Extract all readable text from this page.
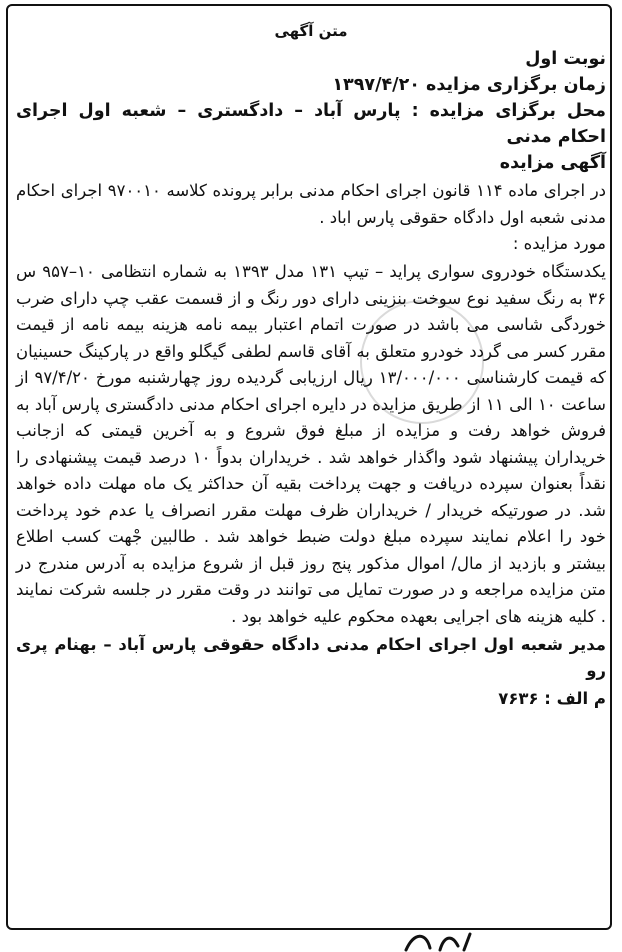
متن آگهی

نوبت اول

زمان برگزاری مزایده ۱۳۹۷/۴/۲۰

محل برگزای مزایده : پارس آباد – دادگستری – شعبه اول اجرای احکام مدنی

آگهی مزایده

در اجرای ماده ۱۱۴ قانون اجرای احکام مدنی برابر پرونده کلاسه ۹۷۰۰۱۰ اجرای احکام مدنی شعبه اول دادگاه حقوقی پارس اباد .

مورد مزایده :

یکدستگاه خودروی سواری پراید – تیپ ۱۳۱ مدل ۱۳۹۳ به شماره انتظامی ۱۰–۹۵۷ س ۳۶ به رنگ سفید نوع سوخت بنزینی دارای دور رنگ و از قسمت عقب چپ دارای ضرب خوردگی شاسی می باشد در صورت اتمام اعتبار بیمه نامه هزینه بیمه نامه از قیمت مقرر کسر می گردد خودرو متعلق به آقای قاسم لطفی گیگلو واقع در پارکینگ حسینیان که قیمت کارشناسی ۱۳/۰۰۰/۰۰۰ ریال ارزیابی گردیده روز چهارشنبه مورخ ۹۷/۴/۲۰ از ساعت ۱۰ الی ۱۱ از طریق مزایده در دایره اجرای احکام مدنی دادگستری پارس آباد به فروش خواهد رفت و مزایده از مبلغ فوق شروع و به آخرین قیمتی که ازجانب خریداران پیشنهاد شود واگذار خواهد شد . خریداران بدواً ۱۰ درصد قیمت پیشنهادی را نقداً بعنوان سپرده دریافت و جهت پرداخت بقیه آن حداکثر یک ماه مهلت داده خواهد شد. در صورتیکه خریدار / خریداران ظرف مهلت مقرر انصراف یا عدم خود پرداخت خود را اعلام نمایند سپرده مبلغ دولت ضبط خواهد شد . طالبین جْهت کسب اطلاع بیشتر و بازدید از مال/ اموال مذکور پنج روز قبل از شروع مزایده به آدرس مندرج در متن مزایده مراجعه و در صورت تمایل می توانند در وقت مقرر در جلسه شرکت نمایند . کلیه هزینه های اجرایی بعهده محکوم علیه خواهد بود .

مدیر شعبه اول اجرای احکام مدنی دادگاه حقوقی پارس آباد – بهنام پری رو

م الف : ۷۶۳۶
